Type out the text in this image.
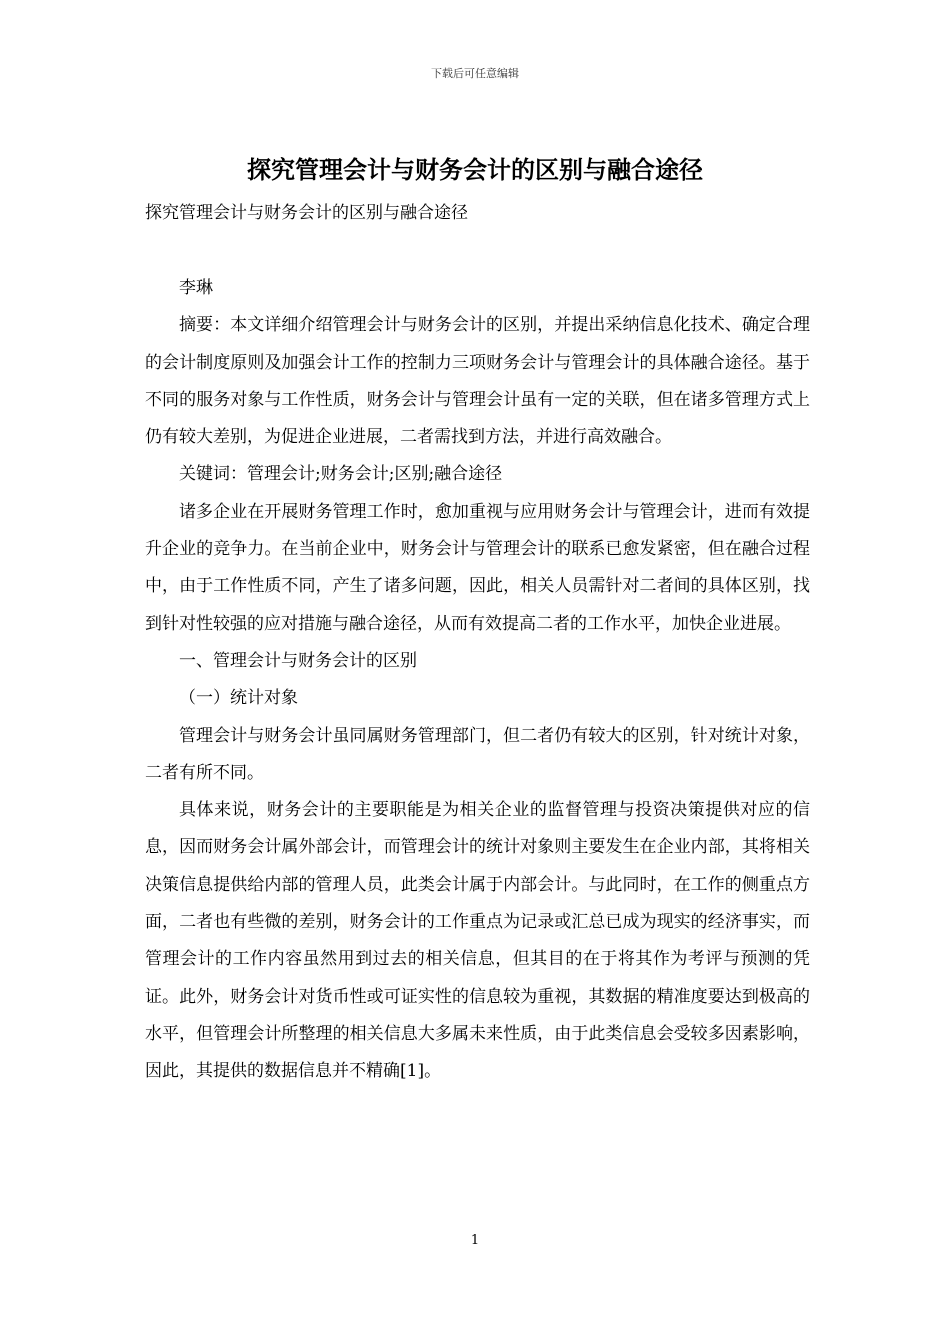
下载后可任意编辑
探究管理会计与财务会计的区别与融合途径
探究管理会计与财务会计的区别与融合途径

李琳

摘要：本文详细介绍管理会计与财务会计的区别，并提出采纳信息化技术、确定合理的会计制度原则及加强会计工作的控制力三项财务会计与管理会计的具体融合途径。基于不同的服务对象与工作性质，财务会计与管理会计虽有一定的关联，但在诸多管理方式上仍有较大差别，为促进企业进展，二者需找到方法，并进行高效融合。

关键词：管理会计;财务会计;区别;融合途径

诸多企业在开展财务管理工作时，愈加重视与应用财务会计与管理会计，进而有效提升企业的竞争力。在当前企业中，财务会计与管理会计的联系已愈发紧密，但在融合过程中，由于工作性质不同，产生了诸多问题，因此，相关人员需针对二者间的具体区别，找到针对性较强的应对措施与融合途径，从而有效提高二者的工作水平，加快企业进展。

一、管理会计与财务会计的区别

（一）统计对象

管理会计与财务会计虽同属财务管理部门，但二者仍有较大的区别，针对统计对象，二者有所不同。

具体来说，财务会计的主要职能是为相关企业的监督管理与投资决策提供对应的信息，因而财务会计属外部会计，而管理会计的统计对象则主要发生在企业内部，其将相关决策信息提供给内部的管理人员，此类会计属于内部会计。与此同时，在工作的侧重点方面，二者也有些微的差别，财务会计的工作重点为记录或汇总已成为现实的经济事实，而管理会计的工作内容虽然用到过去的相关信息，但其目的在于将其作为考评与预测的凭证。此外，财务会计对货币性或可证实性的信息较为重视，其数据的精准度要达到极高的水平，但管理会计所整理的相关信息大多属未来性质，由于此类信息会受较多因素影响，因此，其提供的数据信息并不精确[1]。

1
